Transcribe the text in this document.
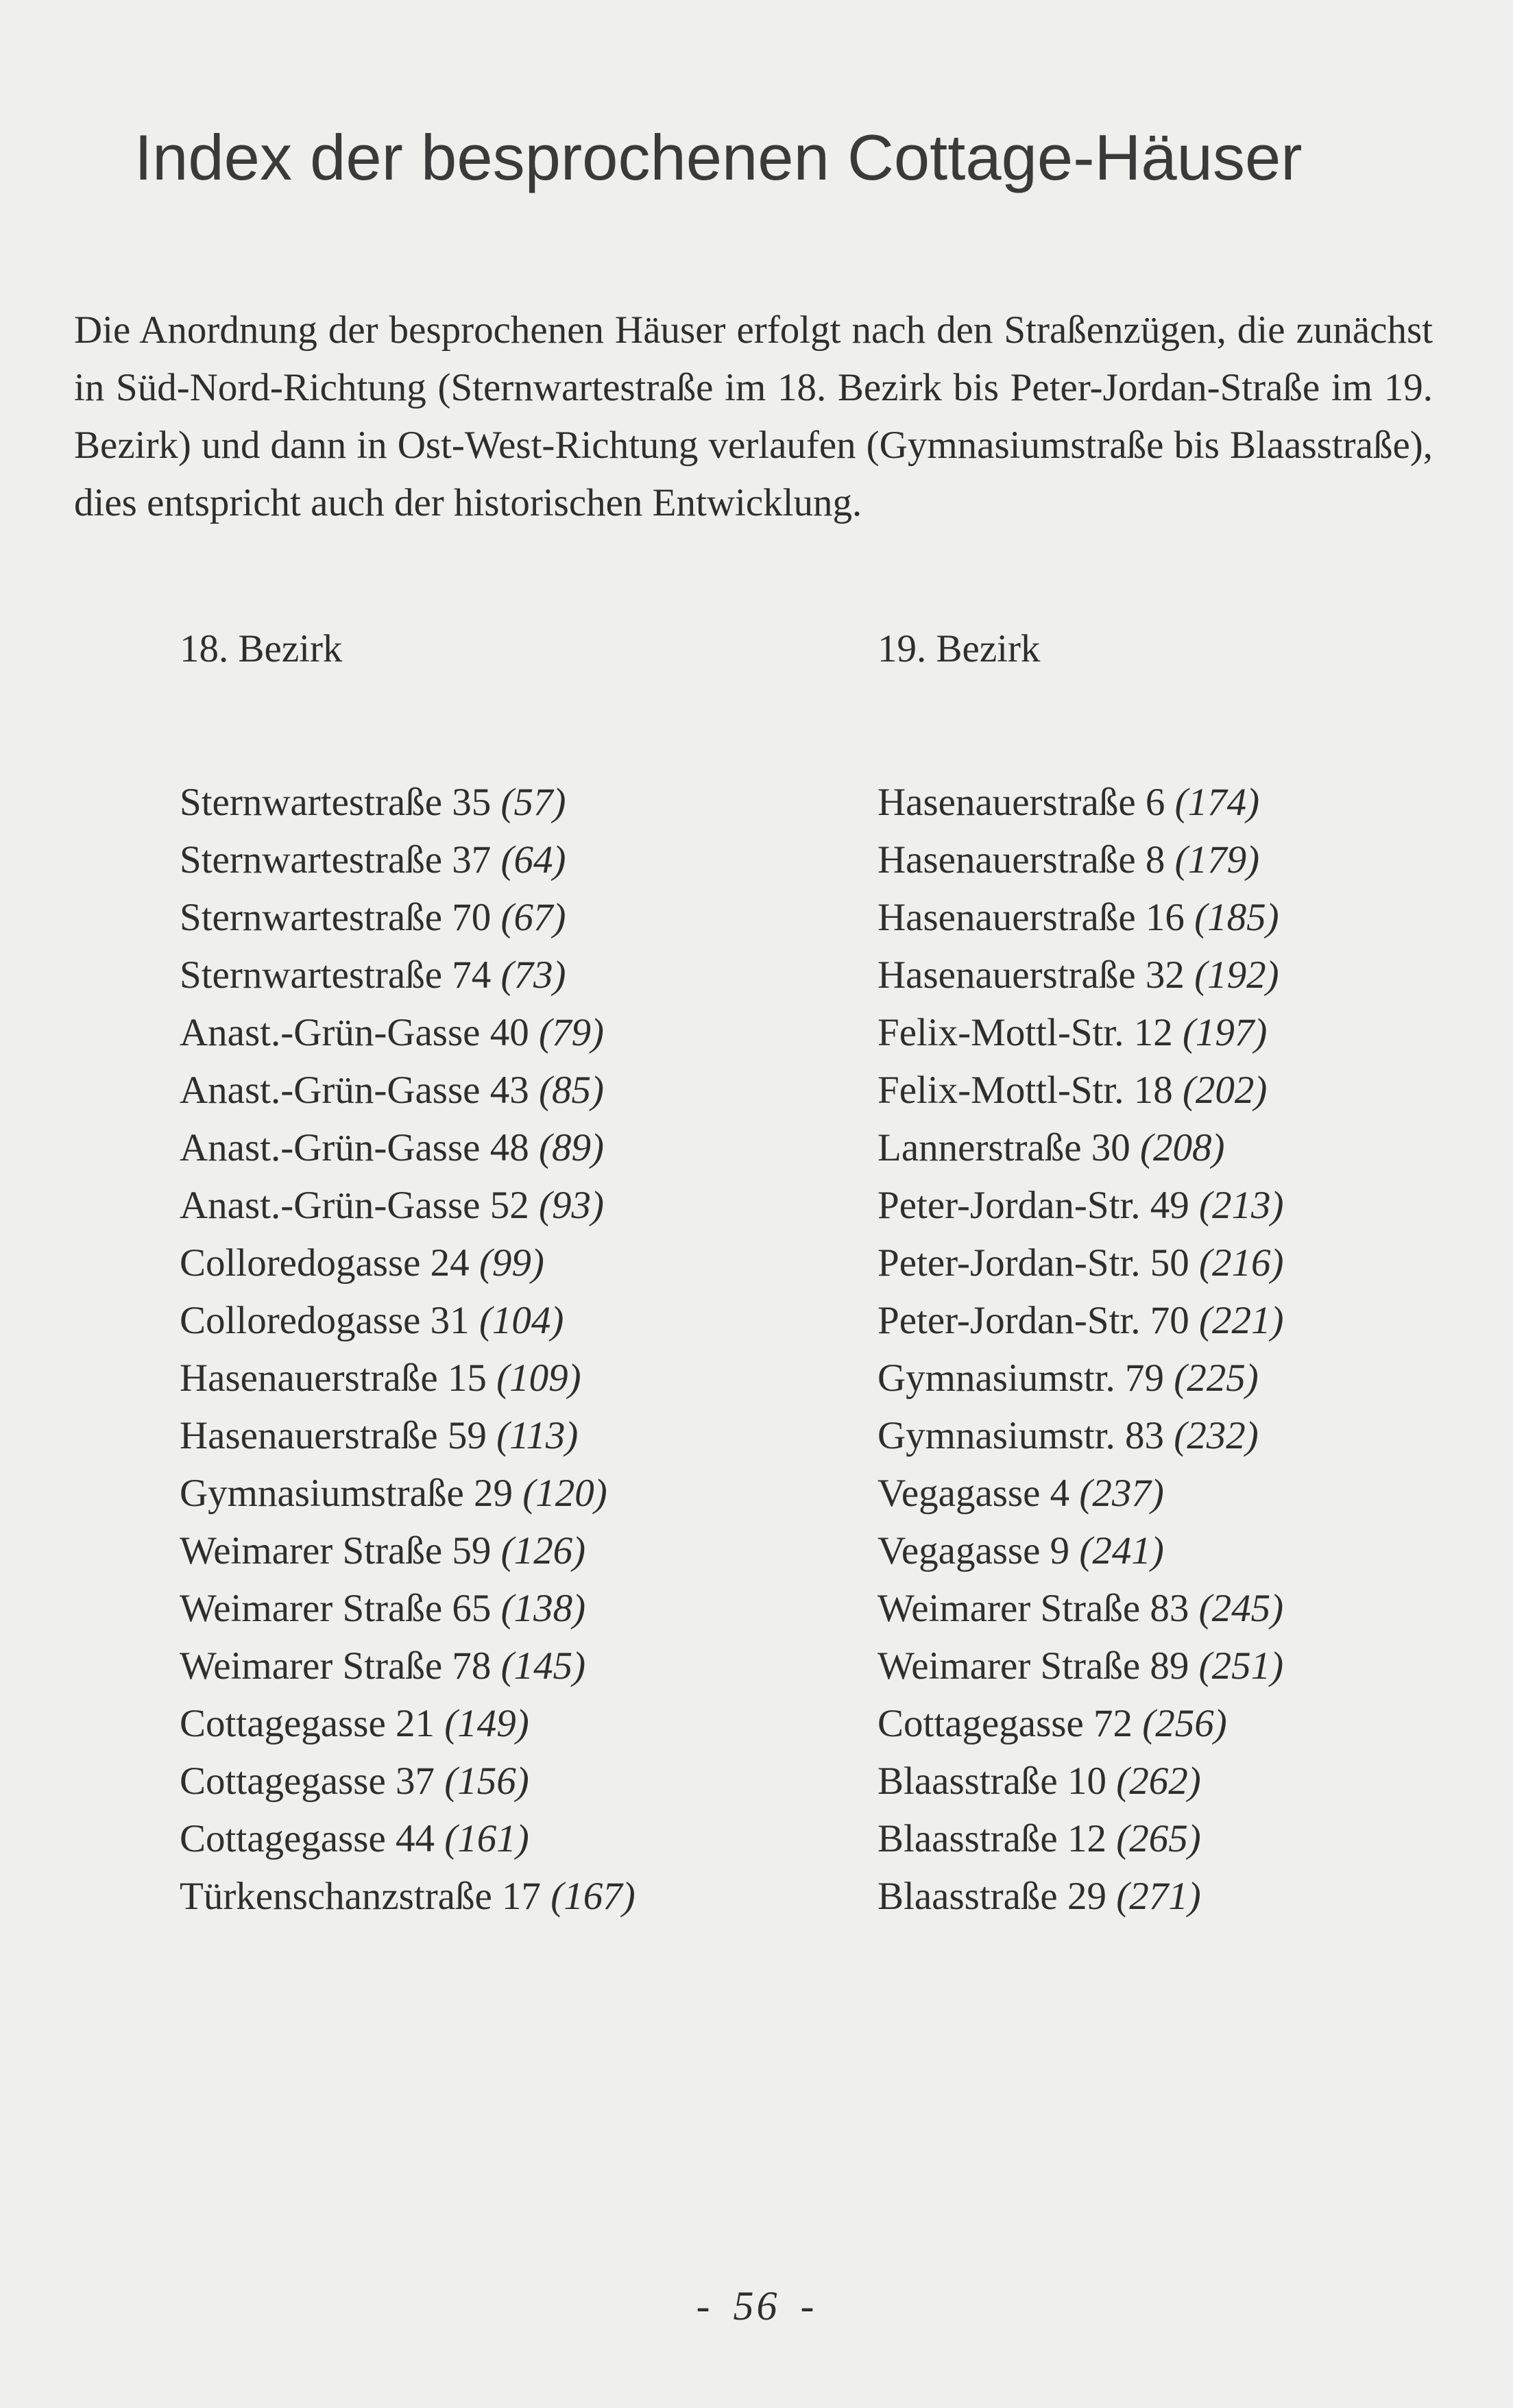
Index der besprochenen Cottage-Häuser

Die Anordnung der besprochenen Häuser erfolgt nach den Straßenzügen, die zunächst in Süd-Nord-Richtung (Sternwartestraße im 18. Bezirk bis Peter-Jordan-Straße im 19. Bezirk) und dann in Ost-West-Richtung verlaufen (Gymnasiumstraße bis Blaasstraße), dies entspricht auch der historischen Entwicklung.

18. Bezirk
Sternwartestraße 35 (57)
Sternwartestraße 37 (64)
Sternwartestraße 70 (67)
Sternwartestraße 74 (73)
Anast.-Grün-Gasse 40 (79)
Anast.-Grün-Gasse 43 (85)
Anast.-Grün-Gasse 48 (89)
Anast.-Grün-Gasse 52 (93)
Colloredogasse 24 (99)
Colloredogasse 31 (104)
Hasenauerstraße 15 (109)
Hasenauerstraße 59 (113)
Gymnasiumstraße 29 (120)
Weimarer Straße 59 (126)
Weimarer Straße 65 (138)
Weimarer Straße 78 (145)
Cottagegasse 21 (149)
Cottagegasse 37 (156)
Cottagegasse 44 (161)
Türkenschanzstraße 17 (167)
19. Bezirk
Hasenauerstraße 6 (174)
Hasenauerstraße 8 (179)
Hasenauerstraße 16 (185)
Hasenauerstraße 32 (192)
Felix-Mottl-Str. 12 (197)
Felix-Mottl-Str. 18 (202)
Lannerstraße 30 (208)
Peter-Jordan-Str. 49 (213)
Peter-Jordan-Str. 50 (216)
Peter-Jordan-Str. 70 (221)
Gymnasiumstr. 79 (225)
Gymnasiumstr. 83 (232)
Vegagasse 4 (237)
Vegagasse 9 (241)
Weimarer Straße 83 (245)
Weimarer Straße 89 (251)
Cottagegasse 72 (256)
Blaasstraße 10 (262)
Blaasstraße 12 (265)
Blaasstraße 29 (271)
- 56 -
